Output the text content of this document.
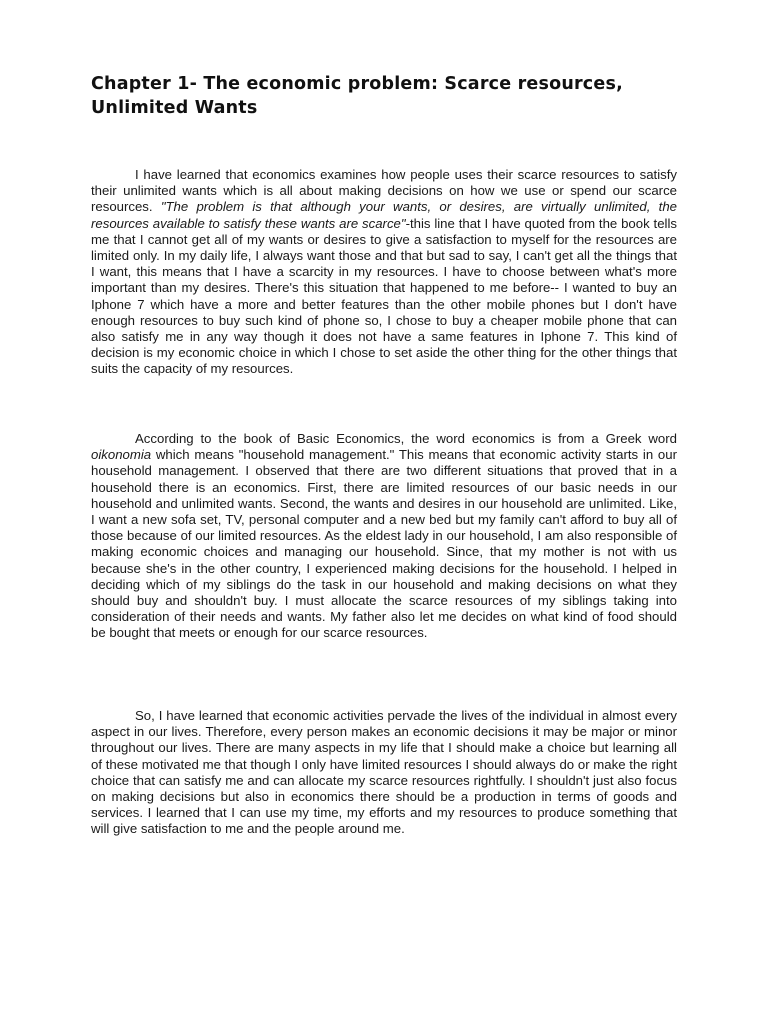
Chapter 1- The economic problem: Scarce resources, Unlimited Wants

I have learned that economics examines how people uses their scarce resources to satisfy their unlimited wants which is all about making decisions on how we use or spend our scarce resources. "The problem is that although your wants, or desires, are virtually unlimited, the resources available to satisfy these wants are scarce"-this line that I have quoted from the book tells me that I cannot get all of my wants or desires to give a satisfaction to myself for the resources are limited only. In my daily life, I always want those and that but sad to say, I can't get all the things that I want, this means that I have a scarcity in my resources. I have to choose between what's more important than my desires. There's this situation that happened to me before-- I wanted to buy an Iphone 7 which have a more and better features than the other mobile phones but I don't have enough resources to buy such kind of phone so, I chose to buy a cheaper mobile phone that can also satisfy me in any way though it does not have a same features in Iphone 7. This kind of decision is my economic choice in which I chose to set aside the other thing for the other things that suits the capacity of my resources.

According to the book of Basic Economics, the word economics is from a Greek word oikonomia which means "household management." This means that economic activity starts in our household management. I observed that there are two different situations that proved that in a household there is an economics. First, there are limited resources of our basic needs in our household and unlimited wants. Second, the wants and desires in our household are unlimited. Like, I want a new sofa set, TV, personal computer and a new bed but my family can't afford to buy all of those because of our limited resources. As the eldest lady in our household, I am also responsible of making economic choices and managing our household. Since, that my mother is not with us because she's in the other country, I experienced making decisions for the household. I helped in deciding which of my siblings do the task in our household and making decisions on what they should buy and shouldn't buy. I must allocate the scarce resources of my siblings taking into consideration of their needs and wants. My father also let me decides on what kind of food should be bought that meets or enough for our scarce resources.

So, I have learned that economic activities pervade the lives of the individual in almost every aspect in our lives. Therefore, every person makes an economic decisions it may be major or minor throughout our lives. There are many aspects in my life that I should make a choice but learning all of these motivated me that though I only have limited resources I should always do or make the right choice that can satisfy me and can allocate my scarce resources rightfully. I shouldn't just also focus on making decisions but also in economics there should be a production in terms of goods and services. I learned that I can use my time, my efforts and my resources to produce something that will give satisfaction to me and the people around me.
